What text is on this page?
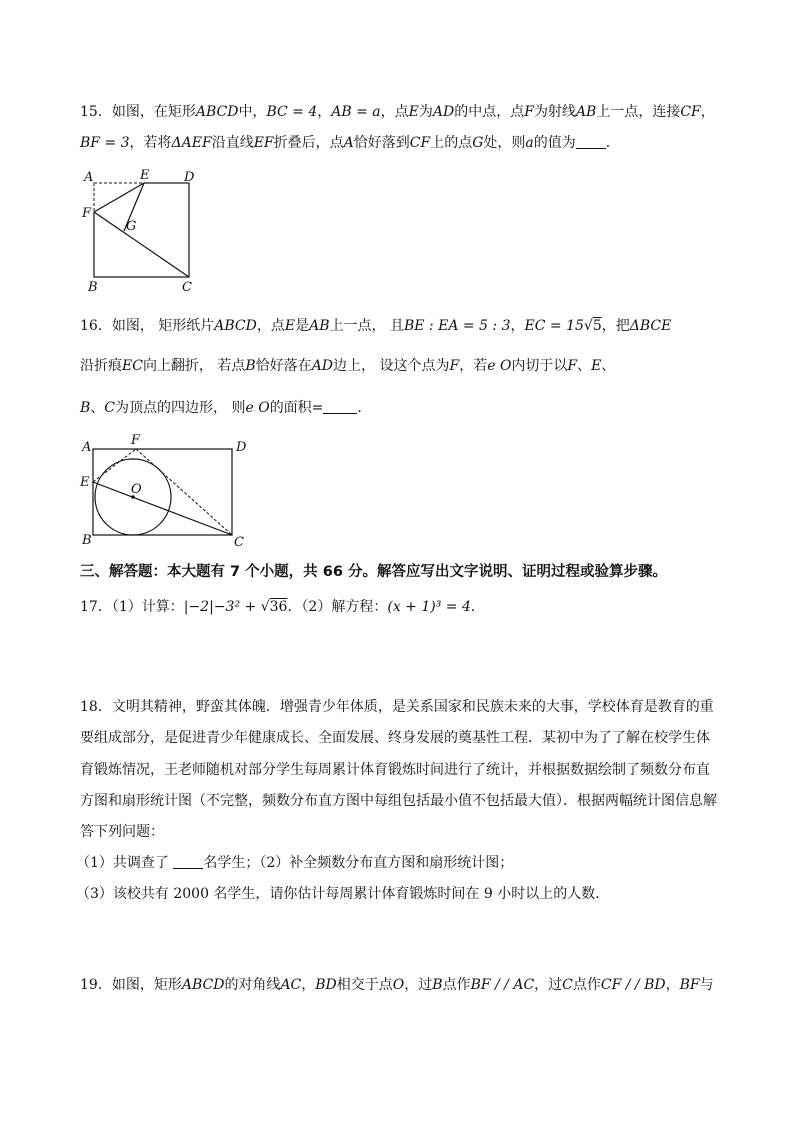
15．如图，在矩形ABCD中，BC = 4，AB = a，点E为AD的中点，点F为射线AB上一点，连接CF，
BF = 3，若将ΔAEF沿直线EF折叠后，点A恰好落到CF上的点G处，则a的值为 ．
A	E	D
F
G
B	C
16．如图， 矩形纸片ABCD，点E是AB上一点， 且BE : EA = 5 : 3，EC = 15√5，把ΔBCE
沿折痕EC向上翻折， 若点B恰好落在AD边上， 设这个点为F，若e O内切于以F、E、
B、C为顶点的四边形， 则e O的面积= ．
A	F	D
E	O
B	C
三、解答题：本大题有 7 个小题，共 66 分。解答应写出文字说明、证明过程或验算步骤。
17．（1）计算：|−2|−3² + √36．（2）解方程：(x + 1)³ = 4．
18．文明其精神，野蛮其体魄．增强青少年体质，是关系国家和民族未来的大事，学校体育是教育的重
要组成部分，是促进青少年健康成长、全面发展、终身发展的奠基性工程．某初中为了了解在校学生体
育锻炼情况，王老师随机对部分学生每周累计体育锻炼时间进行了统计，并根据数据绘制了频数分布直
方图和扇形统计图（不完整，频数分布直方图中每组包括最小值不包括最大值）．根据两幅统计图信息解
答下列问题：
（1）共调查了 名学生；（2）补全频数分布直方图和扇形统计图；
（3）该校共有 2000 名学生，请你估计每周累计体育锻炼时间在 9 小时以上的人数．
19．如图，矩形ABCD的对角线AC，BD相交于点O，过B点作BF / / AC，过C点作CF / / BD，BF与
